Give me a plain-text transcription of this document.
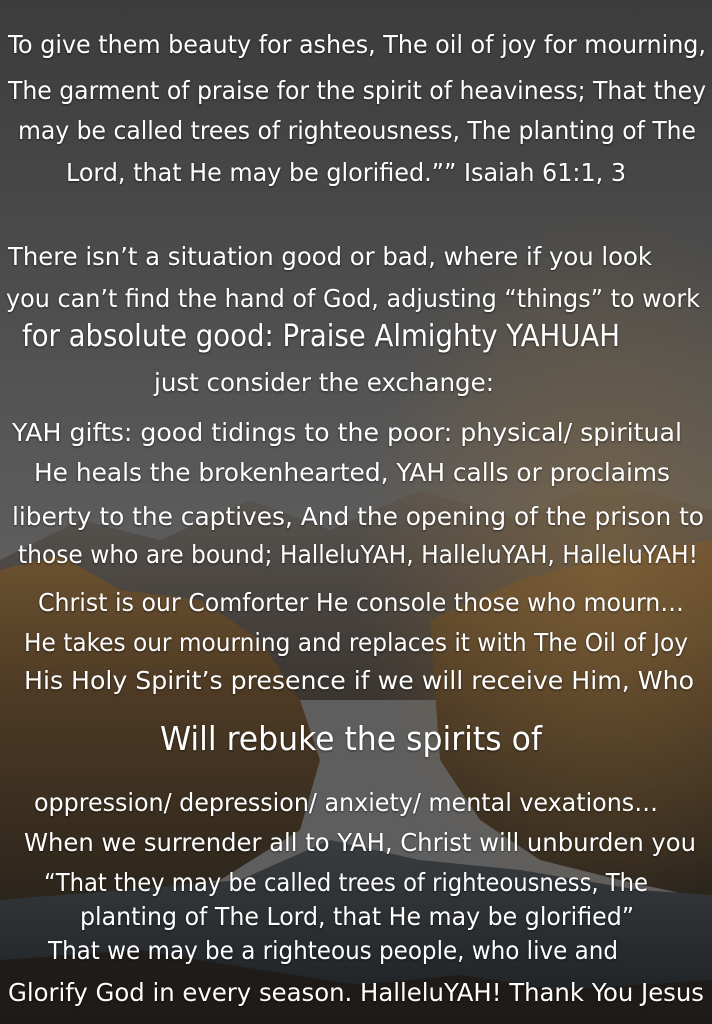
To give them beauty for ashes, The oil of joy for mourning,
The garment of praise for the spirit of heaviness; That they
may be called trees of righteousness, The planting of The
Lord, that He may be glorified.”” Isaiah 61:1, 3
There isn’t a situation good or bad, where if you look
you can’t find the hand of God, adjusting “things” to work
for absolute good: Praise Almighty YAHUAH
just consider the exchange:
YAH gifts: good tidings to the poor: physical/ spiritual
He heals the brokenhearted, YAH calls or proclaims
liberty to the captives, And the opening of the prison to
those who are bound; HalleluYAH, HalleluYAH, HalleluYAH!
Christ is our Comforter He console those who mourn…
He takes our mourning and replaces it with The Oil of Joy
His Holy Spirit’s presence if we will receive Him, Who
Will rebuke the spirits of
oppression/ depression/ anxiety/ mental vexations…
When we surrender all to YAH, Christ will unburden you
“That they may be called trees of righteousness, The
planting of The Lord, that He may be glorified”
That we may be a righteous people, who live and
Glorify God in every season. HalleluYAH! Thank You Jesus
